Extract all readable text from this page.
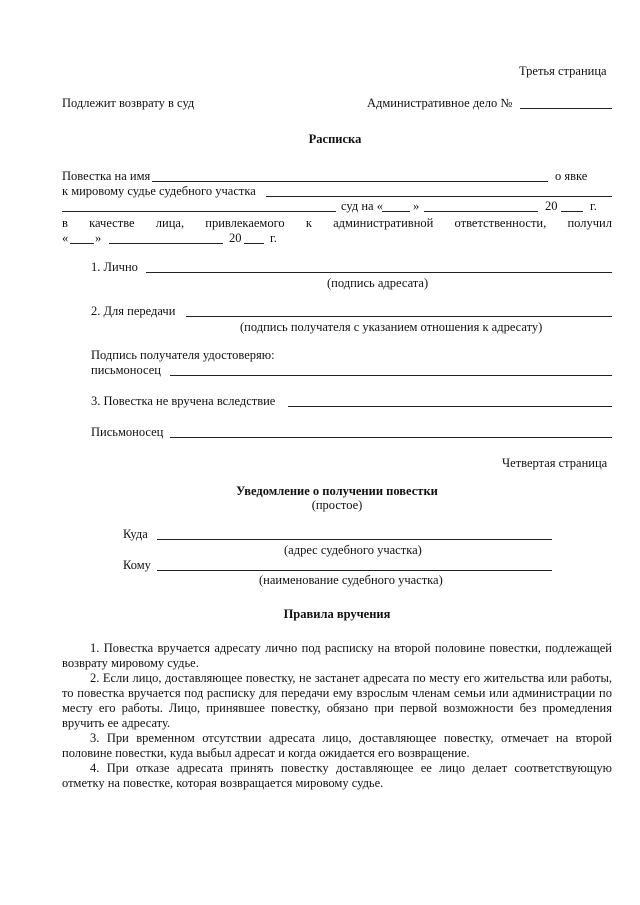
Третья страница
Подлежит возврату в суд	Административное дело №
Расписка
Повестка на имя	о явке
к мировому судье судебного участка
суд на « »	20	г.
в качестве лица, привлекаемого к административной ответственности, получил
« »	20 г.
1. Лично
(подпись адресата)
2. Для передачи
(подпись получателя с указанием отношения к адресату)
Подпись получателя удостоверяю:
письмоносец
3. Повестка не вручена вследствие
Письмоносец
Четвертая страница
Уведомление о получении повестки
(простое)
Куда
(адрес судебного участка)
Кому
(наименование судебного участка)
Правила вручения
1. Повестка вручается адресату лично под расписку на второй половине повестки, подлежащей возврату мировому судье.
2. Если лицо, доставляющее повестку, не застанет адресата по месту его жительства или работы, то повестка вручается под расписку для передачи ему взрослым членам семьи или администрации по месту его работы. Лицо, принявшее повестку, обязано при первой возможности без промедления вручить ее адресату.
3. При временном отсутствии адресата лицо, доставляющее повестку, отмечает на второй половине повестки, куда выбыл адресат и когда ожидается его возвращение.
4. При отказе адресата принять повестку доставляющее ее лицо делает соответствующую отметку на повестке, которая возвращается мировому судье.
